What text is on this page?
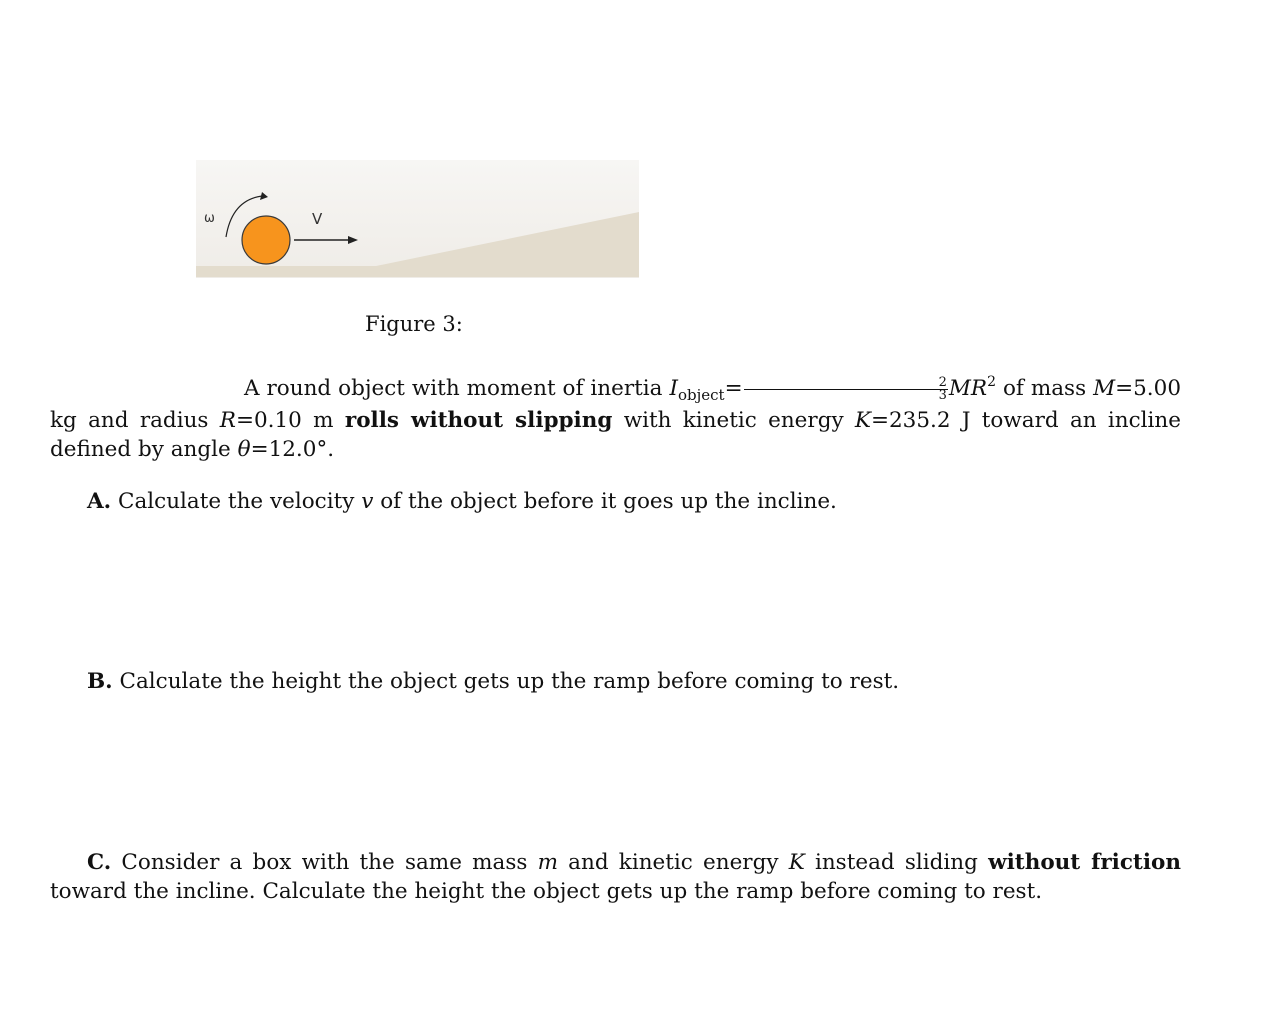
ω	V
Figure 3:
A round object with moment of inertia $I_{object}= \frac{2}{3} MR^2$ of mass M=5.00 kg and radius R=0.10 m rolls without slipping with kinetic energy K=235.2 J toward an incline defined by angle θ=12.0°.
A. Calculate the velocity v of the object before it goes up the incline.
B. Calculate the height the object gets up the ramp before coming to rest.
C. Consider a box with the same mass m and kinetic energy K instead sliding without friction toward the incline. Calculate the height the object gets up the ramp before coming to rest.
